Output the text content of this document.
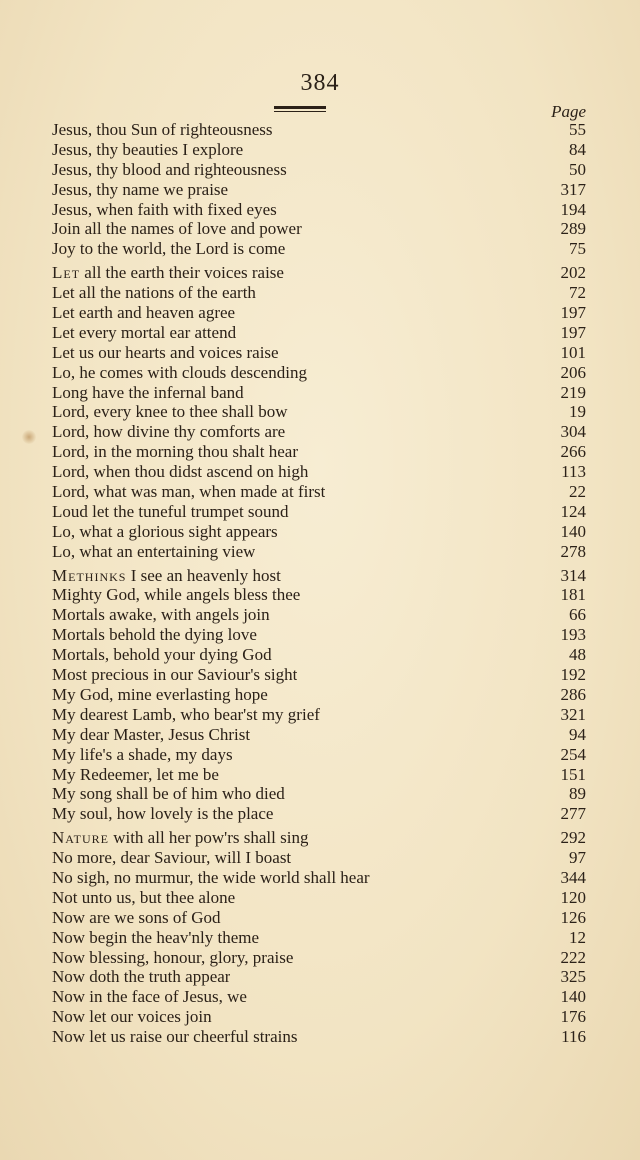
384
Page
Jesus, thou Sun of righteousness	55
Jesus, thy beauties I explore	84
Jesus, thy blood and righteousness	50
Jesus, thy name we praise	317
Jesus, when faith with fixed eyes	194
Join all the names of love and power	289
Joy to the world, the Lord is come	75
Let all the earth their voices raise	202
Let all the nations of the earth	72
Let earth and heaven agree	197
Let every mortal ear attend	197
Let us our hearts and voices raise	101
Lo, he comes with clouds descending	206
Long have the infernal band	219
Lord, every knee to thee shall bow	19
Lord, how divine thy comforts are	304
Lord, in the morning thou shalt hear	266
Lord, when thou didst ascend on high	113
Lord, what was man, when made at first	22
Loud let the tuneful trumpet sound	124
Lo, what a glorious sight appears	140
Lo, what an entertaining view	278
Methinks I see an heavenly host	314
Mighty God, while angels bless thee	181
Mortals awake, with angels join	66
Mortals behold the dying love	193
Mortals, behold your dying God	48
Most precious in our Saviour's sight	192
My God, mine everlasting hope	286
My dearest Lamb, who bear'st my grief	321
My dear Master, Jesus Christ	94
My life's a shade, my days	254
My Redeemer, let me be	151
My song shall be of him who died	89
My soul, how lovely is the place	277
Nature with all her pow'rs shall sing	292
No more, dear Saviour, will I boast	97
No sigh, no murmur, the wide world shall hear	344
Not unto us, but thee alone	120
Now are we sons of God	126
Now begin the heav'nly theme	12
Now blessing, honour, glory, praise	222
Now doth the truth appear	325
Now in the face of Jesus, we	140
Now let our voices join	176
Now let us raise our cheerful strains	116
